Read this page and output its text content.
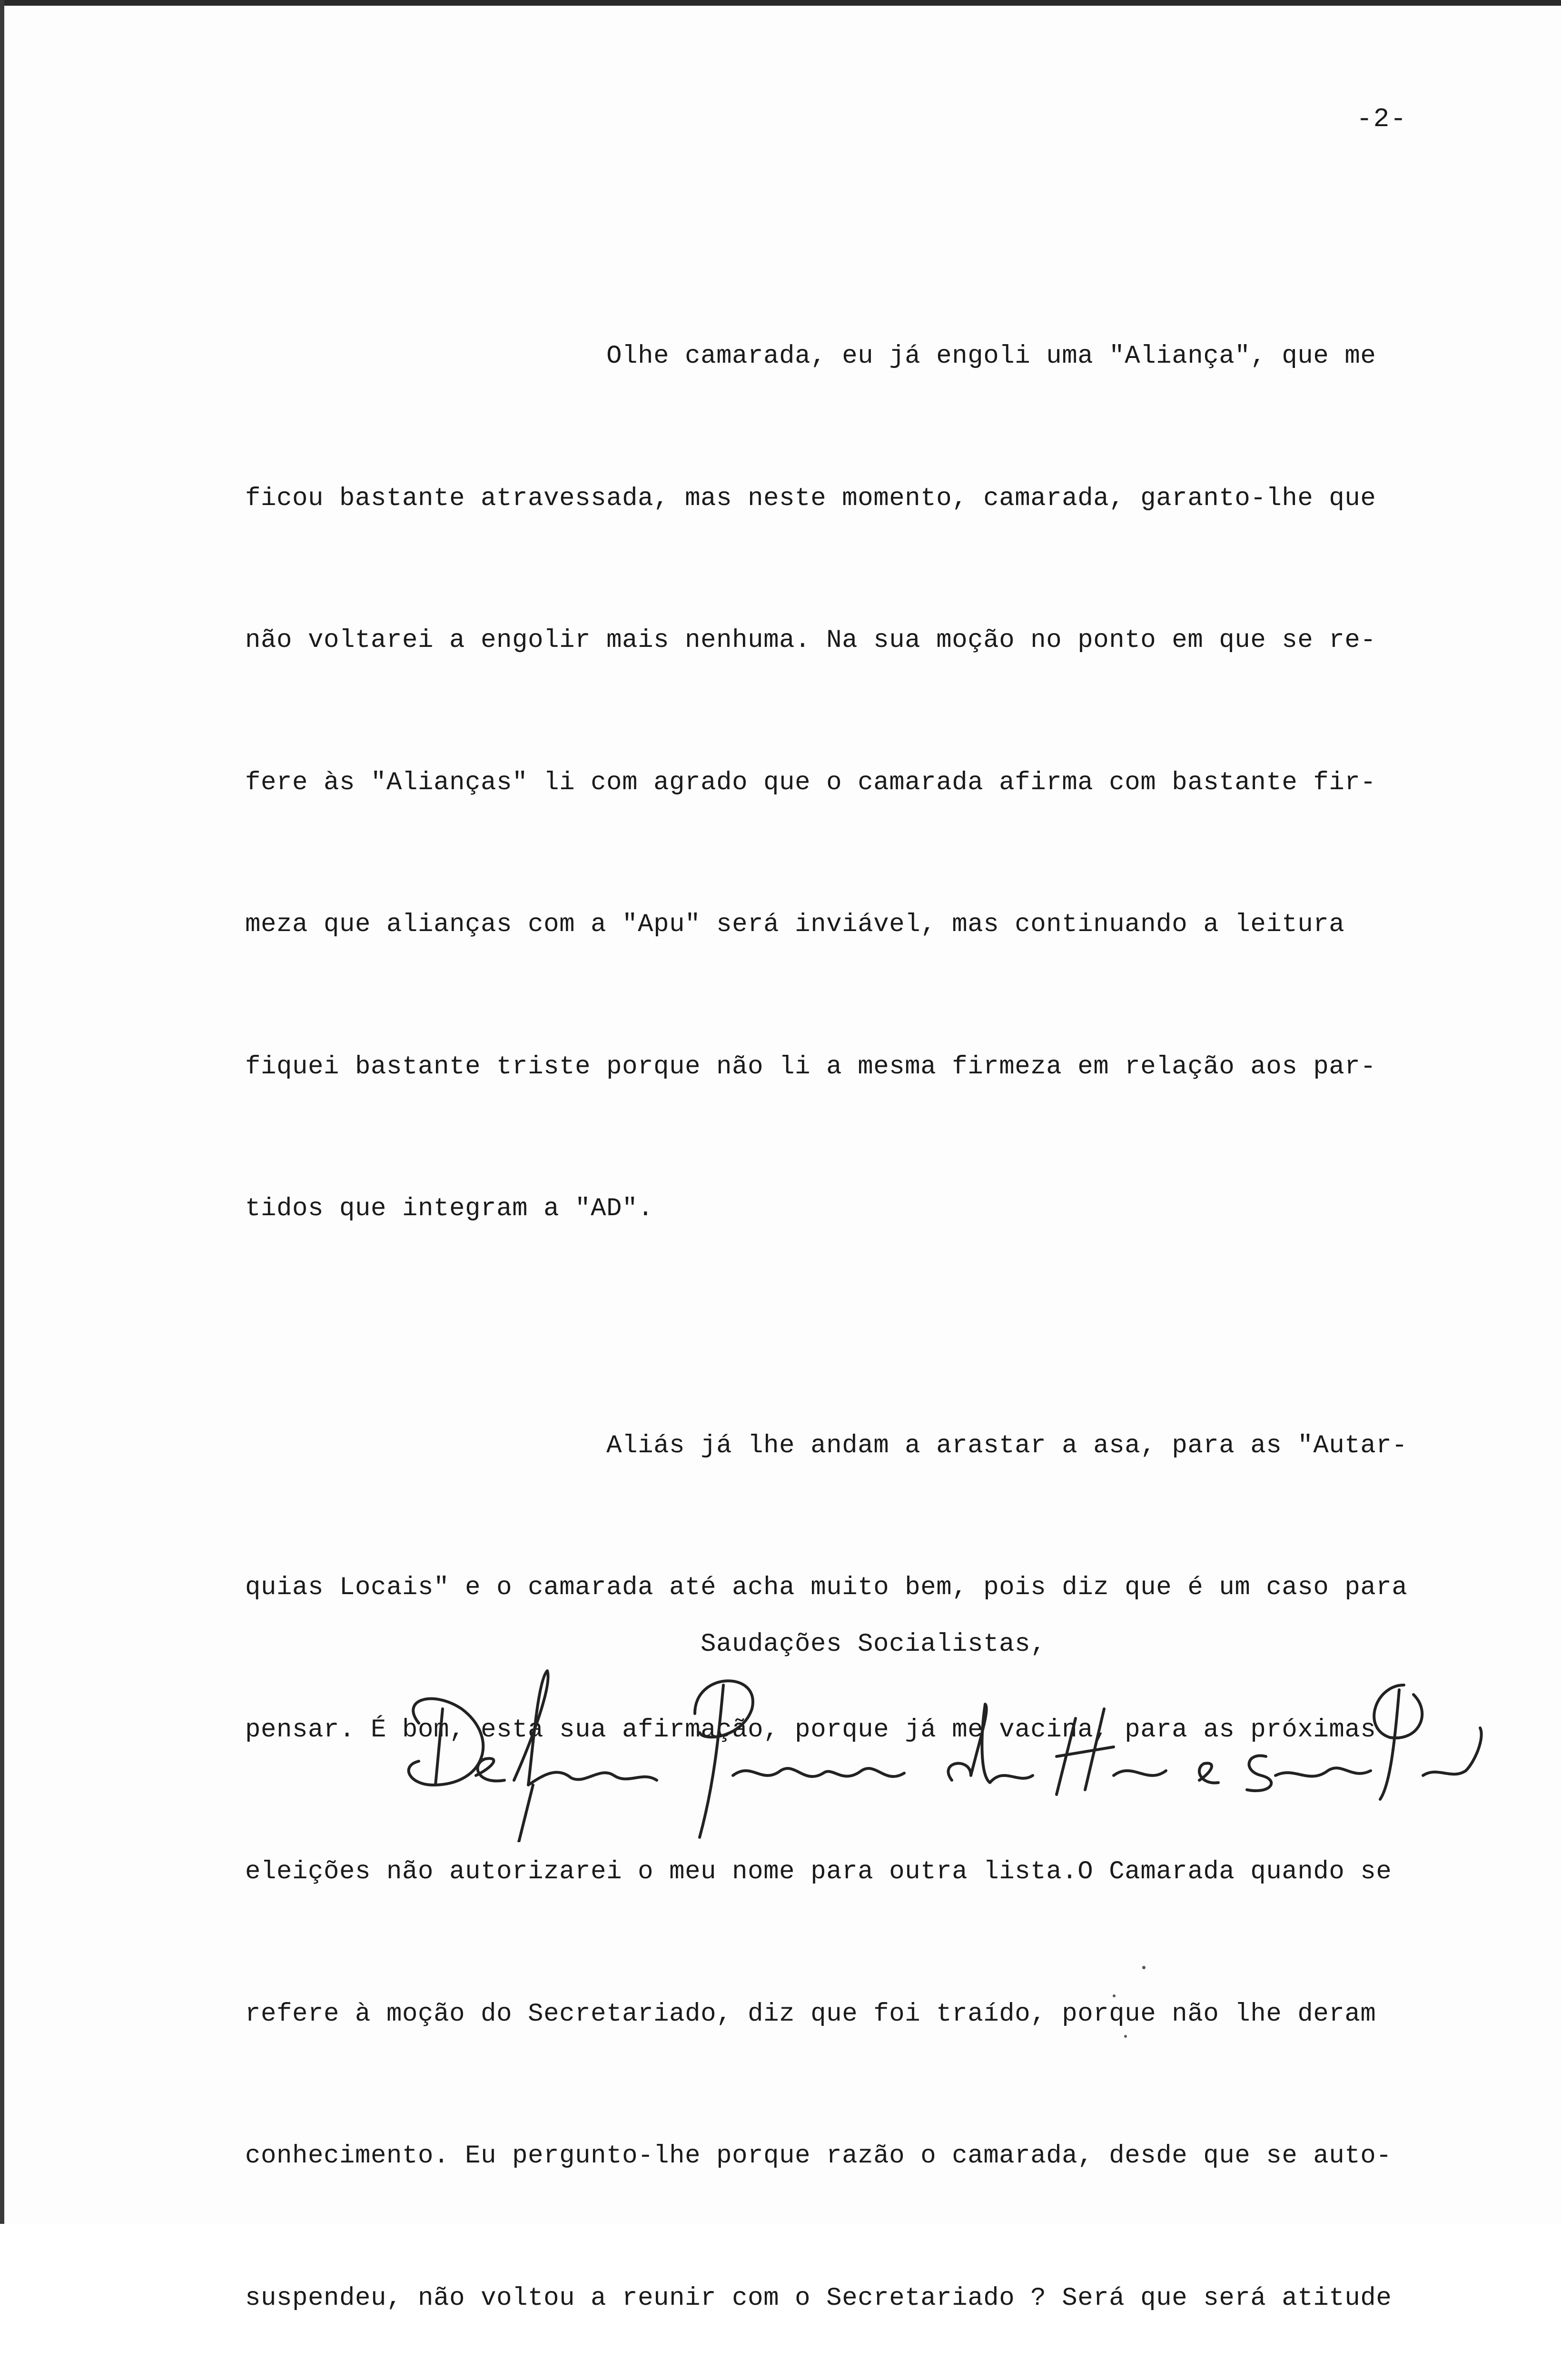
-2-

Olhe camarada, eu já engoli uma "Aliança", que me

ficou bastante atravessada, mas neste momento, camarada, garanto-lhe que

não voltarei a engolir mais nenhuma. Na sua moção no ponto em que se re-

fere às "Alianças" li com agrado que o camarada afirma com bastante fir-

meza que alianças com a "Apu" será inviável, mas continuando a leitura

fiquei bastante triste porque não li a mesma firmeza em relação aos par-

tidos que integram a "AD".

Aliás já lhe andam a arastar a asa, para as "Autar-

quias Locais" e o camarada até acha muito bem, pois diz que é um caso para

pensar. É bom, esta sua afirmação, porque já me vacina, para as próximas

eleições não autorizarei o meu nome para outra lista.O Camarada quando se

refere à moção do Secretariado, diz que foi traído, porque não lhe deram

conhecimento. Eu pergunto-lhe porque razão o camarada, desde que se auto-

suspendeu, não voltou a reunir com o Secretariado ? Será que será atitude

Saudações Socialistas,
